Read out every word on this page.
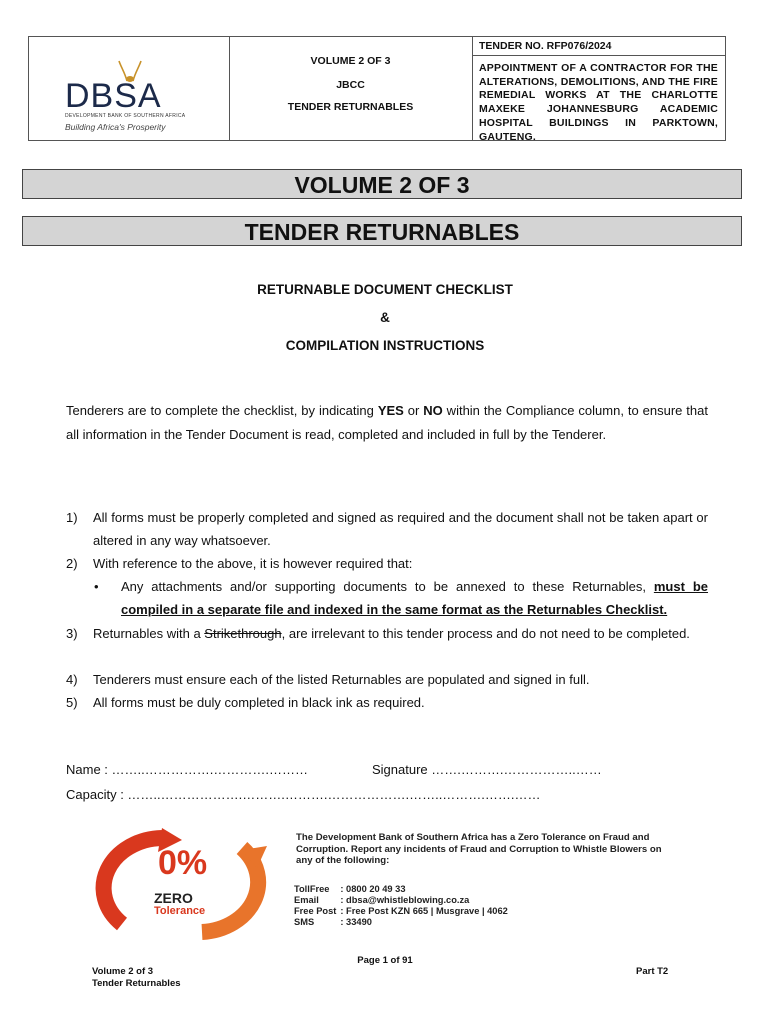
DBSA
DEVELOPMENT BANK OF SOUTHERN AFRICA
Building Africa's Prosperity
VOLUME 2 OF 3
JBCC
TENDER RETURNABLES
TENDER NO. RFP076/2024
APPOINTMENT OF A CONTRACTOR FOR THE ALTERATIONS, DEMOLITIONS, AND THE FIRE REMEDIAL WORKS AT THE CHARLOTTE MAXEKE JOHANNESBURG ACADEMIC HOSPITAL BUILDINGS IN PARKTOWN, GAUTENG.
VOLUME 2 OF 3
TENDER RETURNABLES
RETURNABLE DOCUMENT CHECKLIST
&
COMPILATION INSTRUCTIONS
Tenderers are to complete the checklist, by indicating YES or NO within the Compliance column, to ensure that all information in the Tender Document is read, completed and included in full by the Tenderer.
1) All forms must be properly completed and signed as required and the document shall not be taken apart or altered in any way whatsoever.
2) With reference to the above, it is however required that:
• Any attachments and/or supporting documents to be annexed to these Returnables, must be compiled in a separate file and indexed in the same format as the Returnables Checklist.
3) Returnables with a Strikethrough, are irrelevant to this tender process and do not need to be completed.
4) Tenderers must ensure each of the listed Returnables are populated and signed in full.
5) All forms must be duly completed in black ink as required.
Name : ……..…………….………….………	Signature …….……….……………..……
Capacity : ……..……………….……….……….……………….……..……….…….……
0%
ZERO
Tolerance
The Development Bank of Southern Africa has a Zero Tolerance on Fraud and Corruption. Report any incidents of Fraud and Corruption to Whistle Blowers on any of the following:
TollFree	: 0800 20 49 33
Email	: dbsa@whistleblowing.co.za
Free Post	: Free Post KZN 665 | Musgrave | 4062
SMS	: 33490
Page 1 of 91
Volume 2 of 3
Tender Returnables
Part T2
